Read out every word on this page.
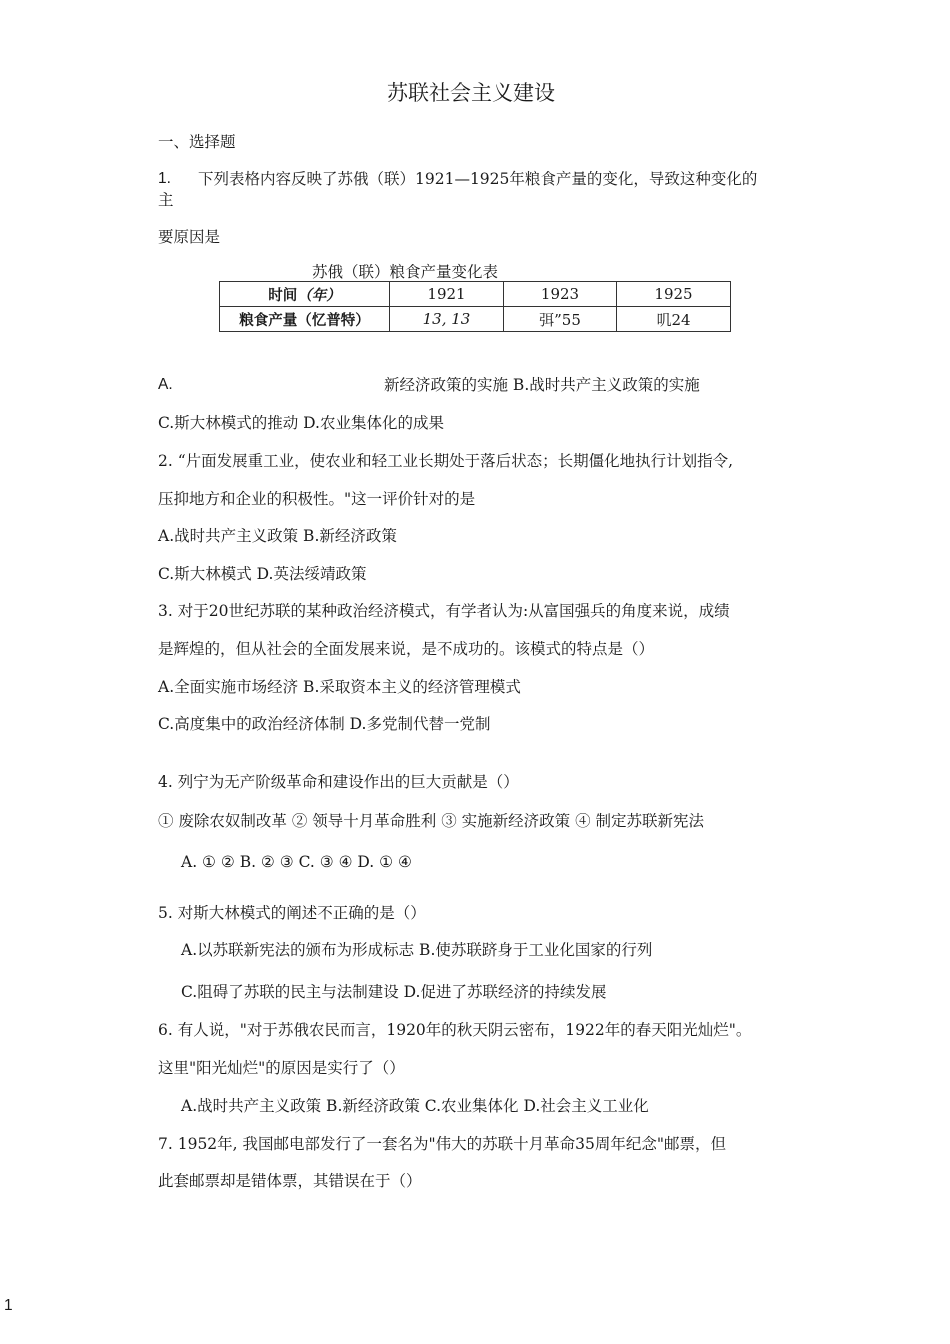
苏联社会主义建设
一、选择题
1. 下列表格内容反映了苏俄（联）1921—1925年粮食产量的变化，导致这种变化的
主
要原因是
苏俄（联）粮食产量变化表
时间（年）	1921	1923	1925
粮食产量（忆普特）	13, 13	弭”55	叽24
A.	新经济政策的实施 B.战时共产主义政策的实施
C.斯大林模式的推动 D.农业集体化的成果
2. “片面发展重工业，使农业和轻工业长期处于落后状态；长期僵化地执行计划指令,
压抑地方和企业的积极性。"这一评价针对的是
A.战时共产主义政策 B.新经济政策
C.斯大林模式 D.英法绥靖政策
3. 对于20世纪苏联的某种政治经济模式，有学者认为:从富国强兵的角度来说，成绩
是辉煌的，但从社会的全面发展来说，是不成功的。该模式的特点是（）
A.全面实施市场经济 B.采取资本主义的经济管理模式
C.高度集中的政治经济体制 D.多党制代替一党制
4. 列宁为无产阶级革命和建设作出的巨大贡献是（）
① 废除农奴制改革 ② 领导十月革命胜利 ③ 实施新经济政策 ④ 制定苏联新宪法
A. ① ② B. ② ③ C. ③ ④ D. ① ④
5. 对斯大林模式的阐述不正确的是（）
A.以苏联新宪法的颁布为形成标志 B.使苏联跻身于工业化国家的行列
C.阻碍了苏联的民主与法制建设 D.促进了苏联经济的持续发展
6. 有人说，"对于苏俄农民而言，1920年的秋天阴云密布，1922年的春天阳光灿烂"。
这里"阳光灿烂"的原因是实行了（）
A.战时共产主义政策 B.新经济政策 C.农业集体化 D.社会主义工业化
7. 1952年, 我国邮电部发行了一套名为"伟大的苏联十月革命35周年纪念"邮票，但
此套邮票却是错体票，其错误在于（）
1
